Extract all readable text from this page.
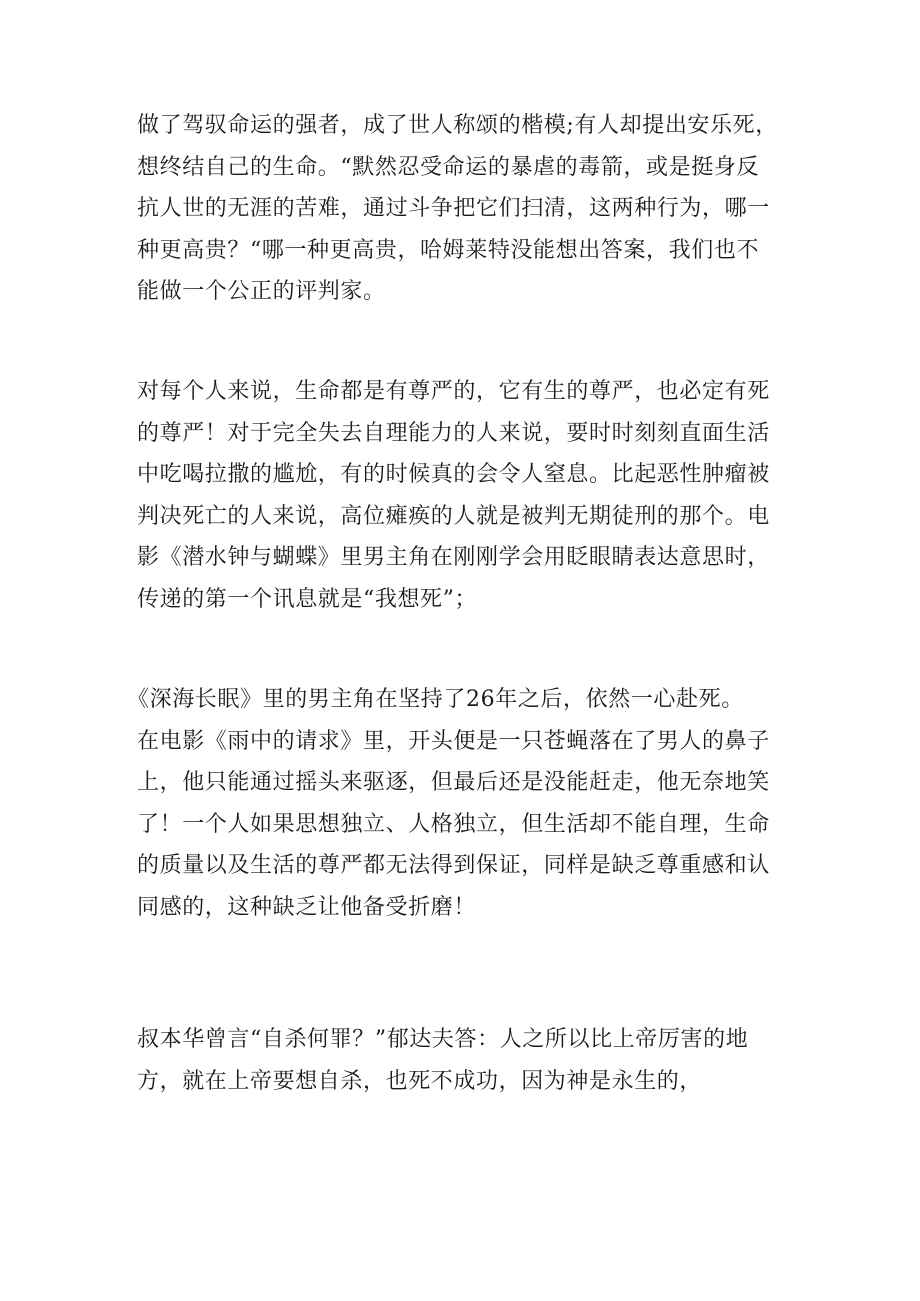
做了驾驭命运的强者，成了世人称颂的楷模;有人却提出安乐死，
想终结自己的生命。“默然忍受命运的暴虐的毒箭，或是挺身反
抗人世的无涯的苦难，通过斗争把它们扫清，这两种行为，哪一
种更高贵？“哪一种更高贵，哈姆莱特没能想出答案，我们也不
能做一个公正的评判家。

对每个人来说，生命都是有尊严的，它有生的尊严，也必定有死
的尊严！对于完全失去自理能力的人来说，要时时刻刻直面生活
中吃喝拉撒的尴尬，有的时候真的会令人窒息。比起恶性肿瘤被
判决死亡的人来说，高位瘫痪的人就是被判无期徒刑的那个。电
影《潜水钟与蝴蝶》里男主角在刚刚学会用眨眼睛表达意思时，
传递的第一个讯息就是“我想死”；

《深海长眠》里的男主角在坚持了26年之后，依然一心赴死。
在电影《雨中的请求》里，开头便是一只苍蝇落在了男人的鼻子
上，他只能通过摇头来驱逐，但最后还是没能赶走，他无奈地笑
了！一个人如果思想独立、人格独立，但生活却不能自理，生命
的质量以及生活的尊严都无法得到保证，同样是缺乏尊重感和认
同感的，这种缺乏让他备受折磨！

叔本华曾言“自杀何罪？”郁达夫答：人之所以比上帝厉害的地
方，就在上帝要想自杀，也死不成功，因为神是永生的，
